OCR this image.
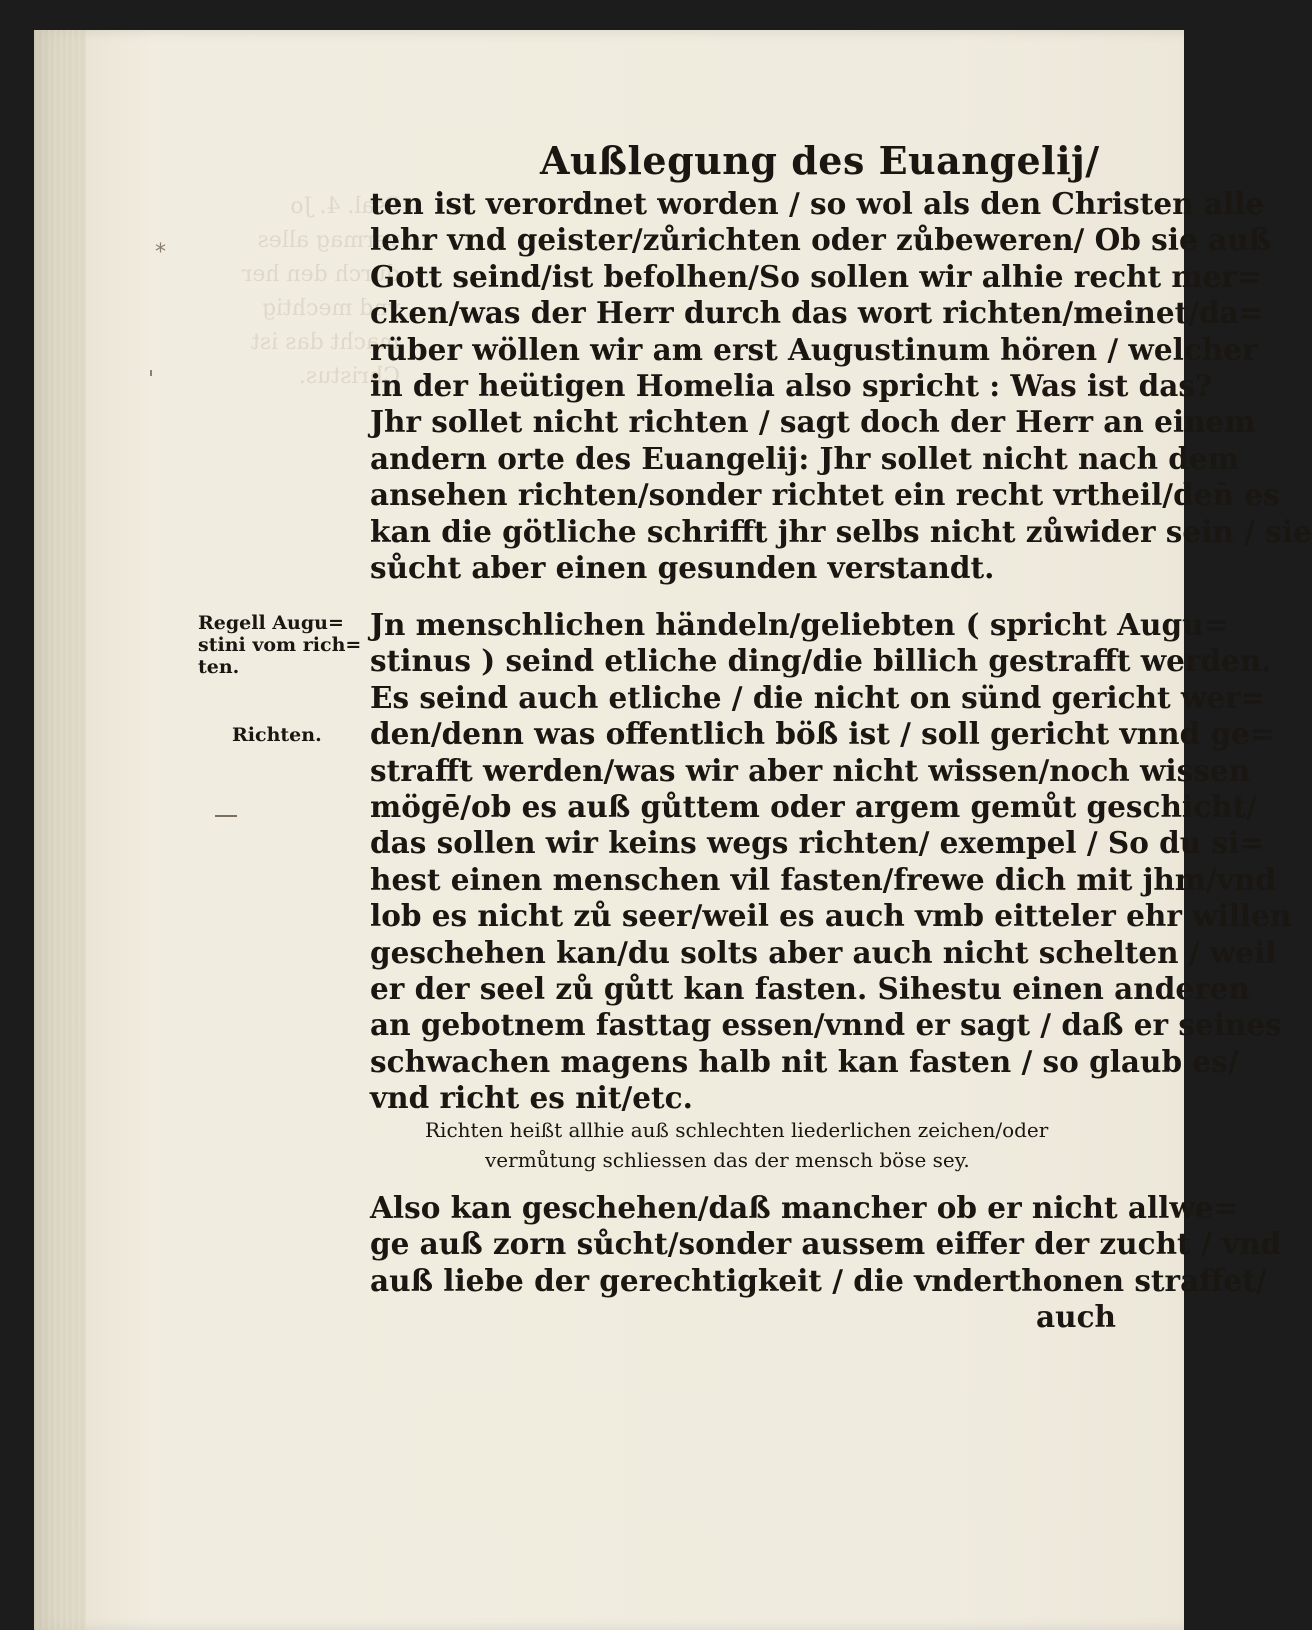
Psal. 4. Jo
vermag alles
durch den her
vnd mechtig
macht das ist
Christus.
*
Außlegung des Euangelij/
ten ist verordnet worden / so wol als den Christen alle
lehr vnd geister/zůrichten oder zůbeweren/ Ob sie auß
Gott seind/ist befolhen/So sollen wir alhie recht mer=
cken/was der Herr durch das wort richten/meinet/da=
rüber wöllen wir am erst Augustinum hören / welcher
in der heütigen Homelia also spricht : Was ist das?
Jhr sollet nicht richten / sagt doch der Herr an einem
andern orte des Euangelij: Jhr sollet nicht nach dem
ansehen richten/sonder richtet ein recht vrtheil/den̄ es
kan die götliche schrifft jhr selbs nicht zůwider sein / sie
sůcht aber einen gesunden verstandt.
Regell Augu=
stini vom rich=
ten.
Richten.
Jn menschlichen händeln/geliebten ( spricht Augu=
stinus ) seind etliche ding/die billich gestrafft werden.
Es seind auch etliche / die nicht on sünd gericht wer=
den/denn was offentlich böß ist / soll gericht vnnd ge=
strafft werden/was wir aber nicht wissen/noch wissen
mögē/ob es auß gůttem oder argem gemůt geschicht/
das sollen wir keins wegs richten/ exempel / So du si=
hest einen menschen vil fasten/frewe dich mit jhm/vnd
lob es nicht zů seer/weil es auch vmb eitteler ehr willen
geschehen kan/du solts aber auch nicht schelten / weil
er der seel zů gůtt kan fasten. Sihestu einen anderen
an gebotnem fasttag essen/vnnd er sagt / daß er seines
schwachen magens halb nit kan fasten / so glaub es/
vnd richt es nit/etc.
Richten heißt allhie auß schlechten liederlichen zeichen/oder
vermůtung schliessen das der mensch böse sey.
Also kan geschehen/daß mancher ob er nicht allwe=
ge auß zorn sůcht/sonder aussem eiffer der zucht / vnd
auß liebe der gerechtigkeit / die vnderthonen straffet/
auch
